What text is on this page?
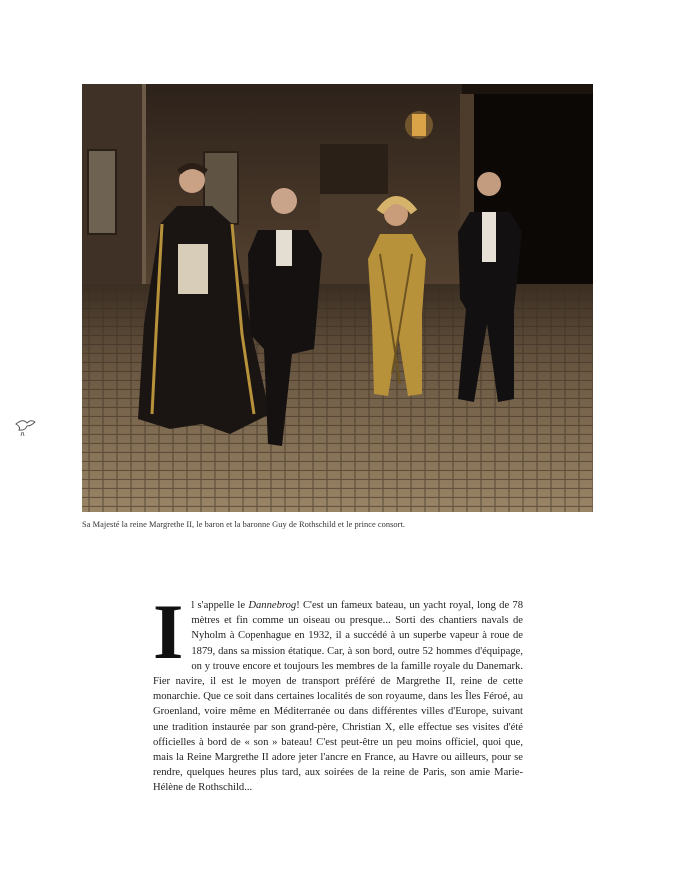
Sa Majesté la reine Margrethe II, le baron et la baronne Guy de Rothschild et le prince consort.
I l s'appelle le Dannebrog! C'est un fameux bateau, un yacht royal, long de 78 mètres et fin comme un oiseau ou presque... Sorti des chantiers navals de Nyholm à Copenhague en 1932, il a succédé à un superbe vapeur à roue de 1879, dans sa mission étatique. Car, à son bord, outre 52 hommes d'équipage, on y trouve encore et toujours les membres de la famille royale du Danemark. Fier navire, il est le moyen de transport préféré de Margrethe II, reine de cette monarchie. Que ce soit dans certaines localités de son royaume, dans les Îles Féroé, au Groenland, voire même en Méditerranée ou dans différentes villes d'Europe, suivant une tradition instaurée par son grand-père, Christian X, elle effectue ses visites d'été officielles à bord de « son » bateau! C'est peut-être un peu moins officiel, quoi que, mais la Reine Margrethe II adore jeter l'ancre en France, au Havre ou ailleurs, pour se rendre, quelques heures plus tard, aux soirées de la reine de Paris, son amie Marie-Hélène de Rothschild...
